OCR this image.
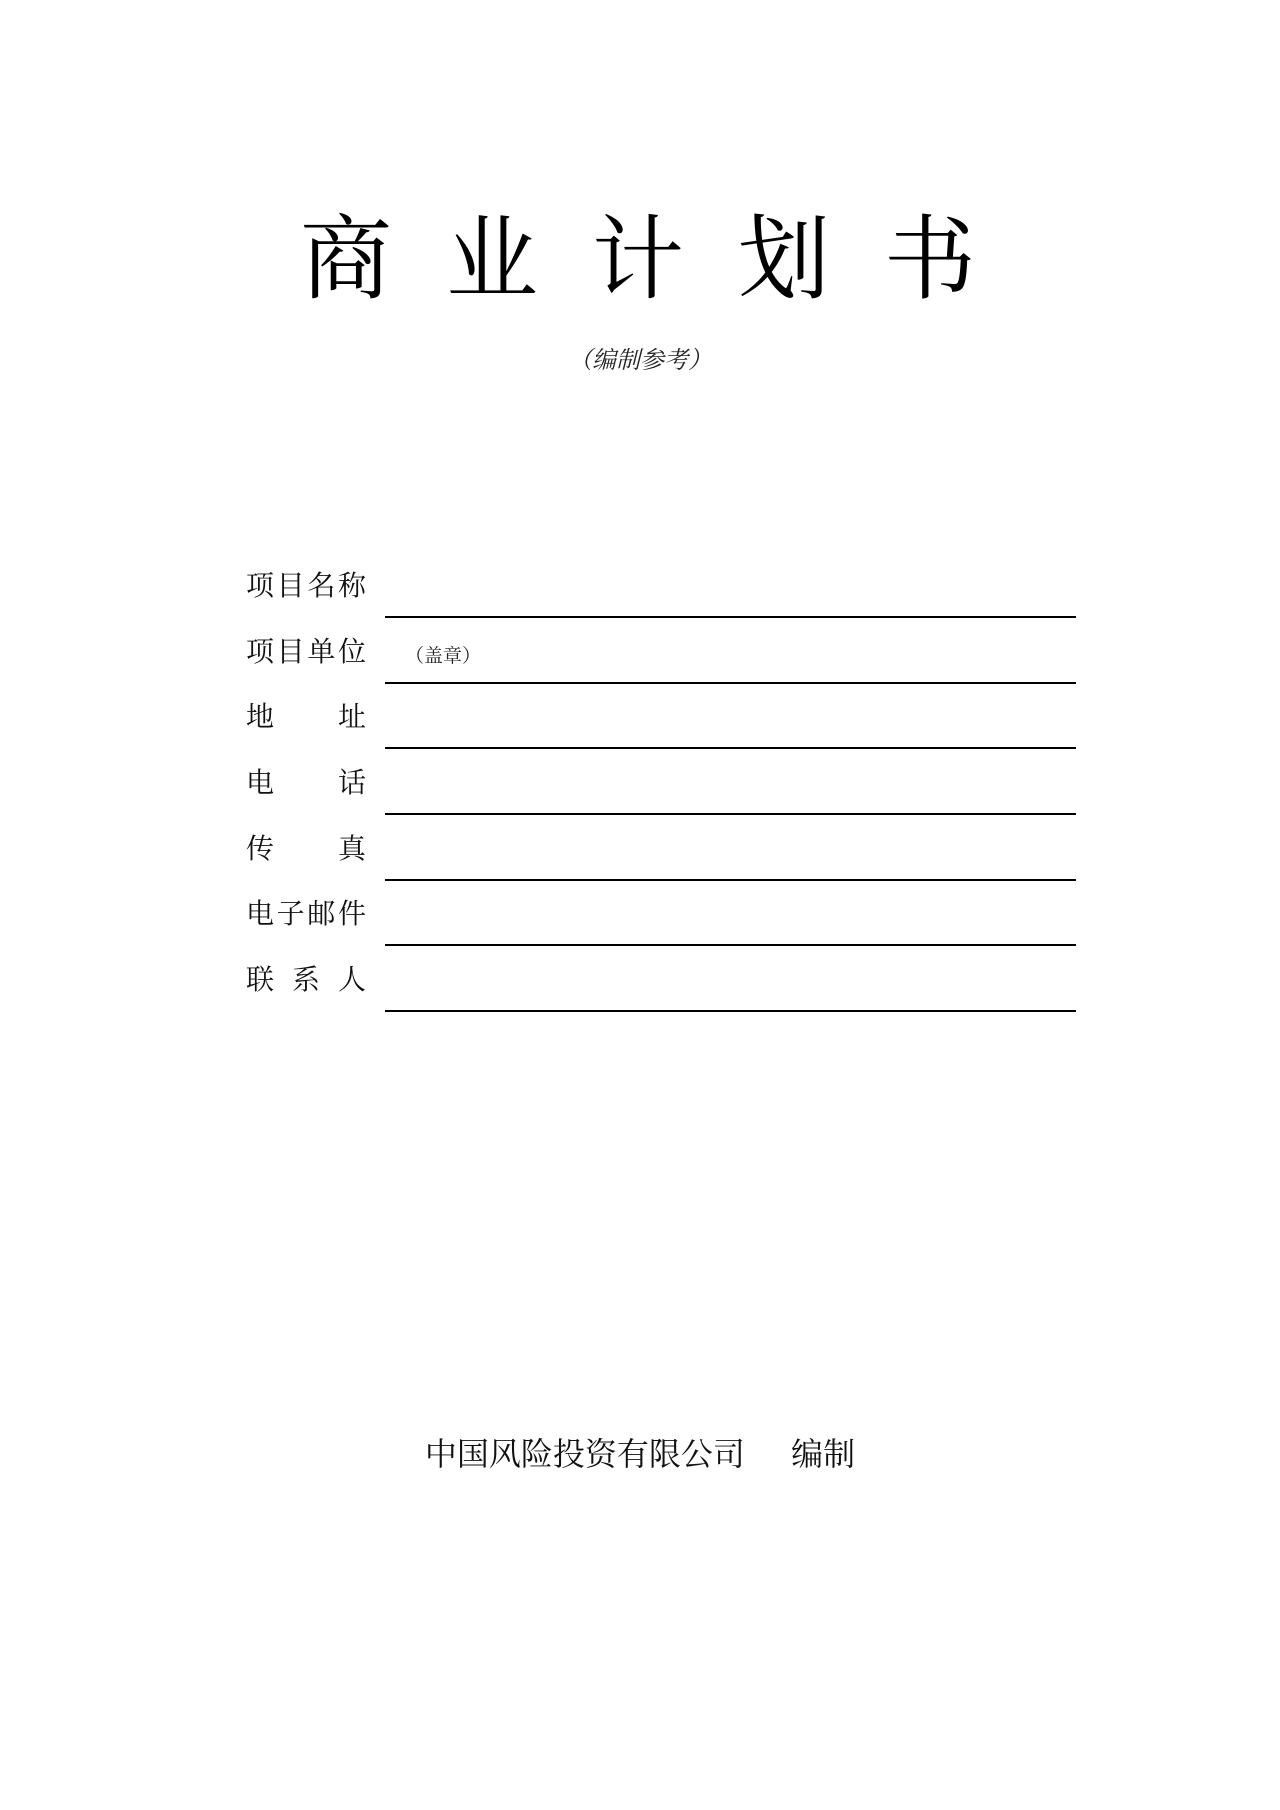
商 业 计 划 书
（编制参考）
项 目 名 称
项 目 单 位 （盖章）
地 址
电 话
传 真
电 子 邮 件
联 系 人
中国风险投资有限公司 编制
